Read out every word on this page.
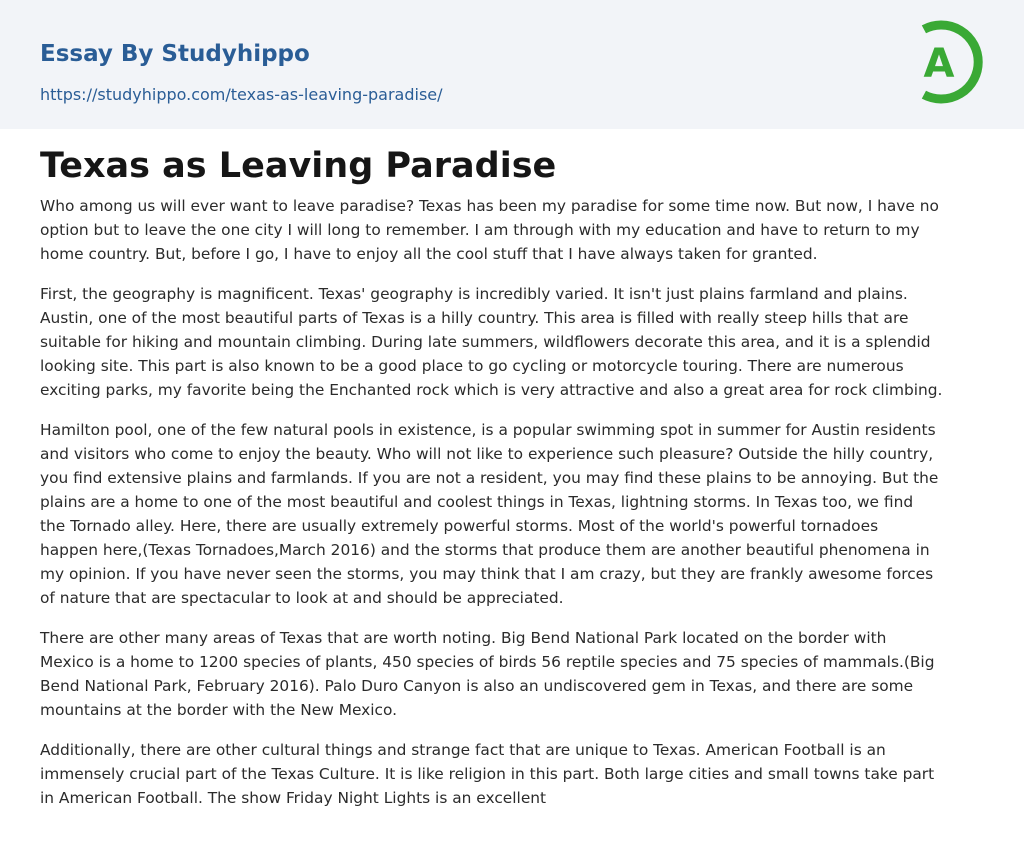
Essay By Studyhippo
https://studyhippo.com/texas-as-leaving-paradise/
A
Texas as Leaving Paradise

Who among us will ever want to leave paradise? Texas has been my paradise for some time now. But now, I have no
option but to leave the one city I will long to remember. I am through with my education and have to return to my
home country. But, before I go, I have to enjoy all the cool stuff that I have always taken for granted.

First, the geography is magnificent. Texas' geography is incredibly varied. It isn't just plains farmland and plains.
Austin, one of the most beautiful parts of Texas is a hilly country. This area is filled with really steep hills that are
suitable for hiking and mountain climbing. During late summers, wildflowers decorate this area, and it is a splendid
looking site. This part is also known to be a good place to go cycling or motorcycle touring. There are numerous
exciting parks, my favorite being the Enchanted rock which is very attractive and also a great area for rock climbing.

Hamilton pool, one of the few natural pools in existence, is a popular swimming spot in summer for Austin residents
and visitors who come to enjoy the beauty. Who will not like to experience such pleasure? Outside the hilly country,
you find extensive plains and farmlands. If you are not a resident, you may find these plains to be annoying. But the
plains are a home to one of the most beautiful and coolest things in Texas, lightning storms. In Texas too, we find
the Tornado alley. Here, there are usually extremely powerful storms. Most of the world's powerful tornadoes
happen here,(Texas Tornadoes,March 2016) and the storms that produce them are another beautiful phenomena in
my opinion. If you have never seen the storms, you may think that I am crazy, but they are frankly awesome forces
of nature that are spectacular to look at and should be appreciated.

There are other many areas of Texas that are worth noting. Big Bend National Park located on the border with
Mexico is a home to 1200 species of plants, 450 species of birds 56 reptile species and 75 species of mammals.(Big
Bend National Park, February 2016). Palo Duro Canyon is also an undiscovered gem in Texas, and there are some
mountains at the border with the New Mexico.

Additionally, there are other cultural things and strange fact that are unique to Texas. American Football is an
immensely crucial part of the Texas Culture. It is like religion in this part. Both large cities and small towns take part
in American Football. The show Friday Night Lights is an excellent
